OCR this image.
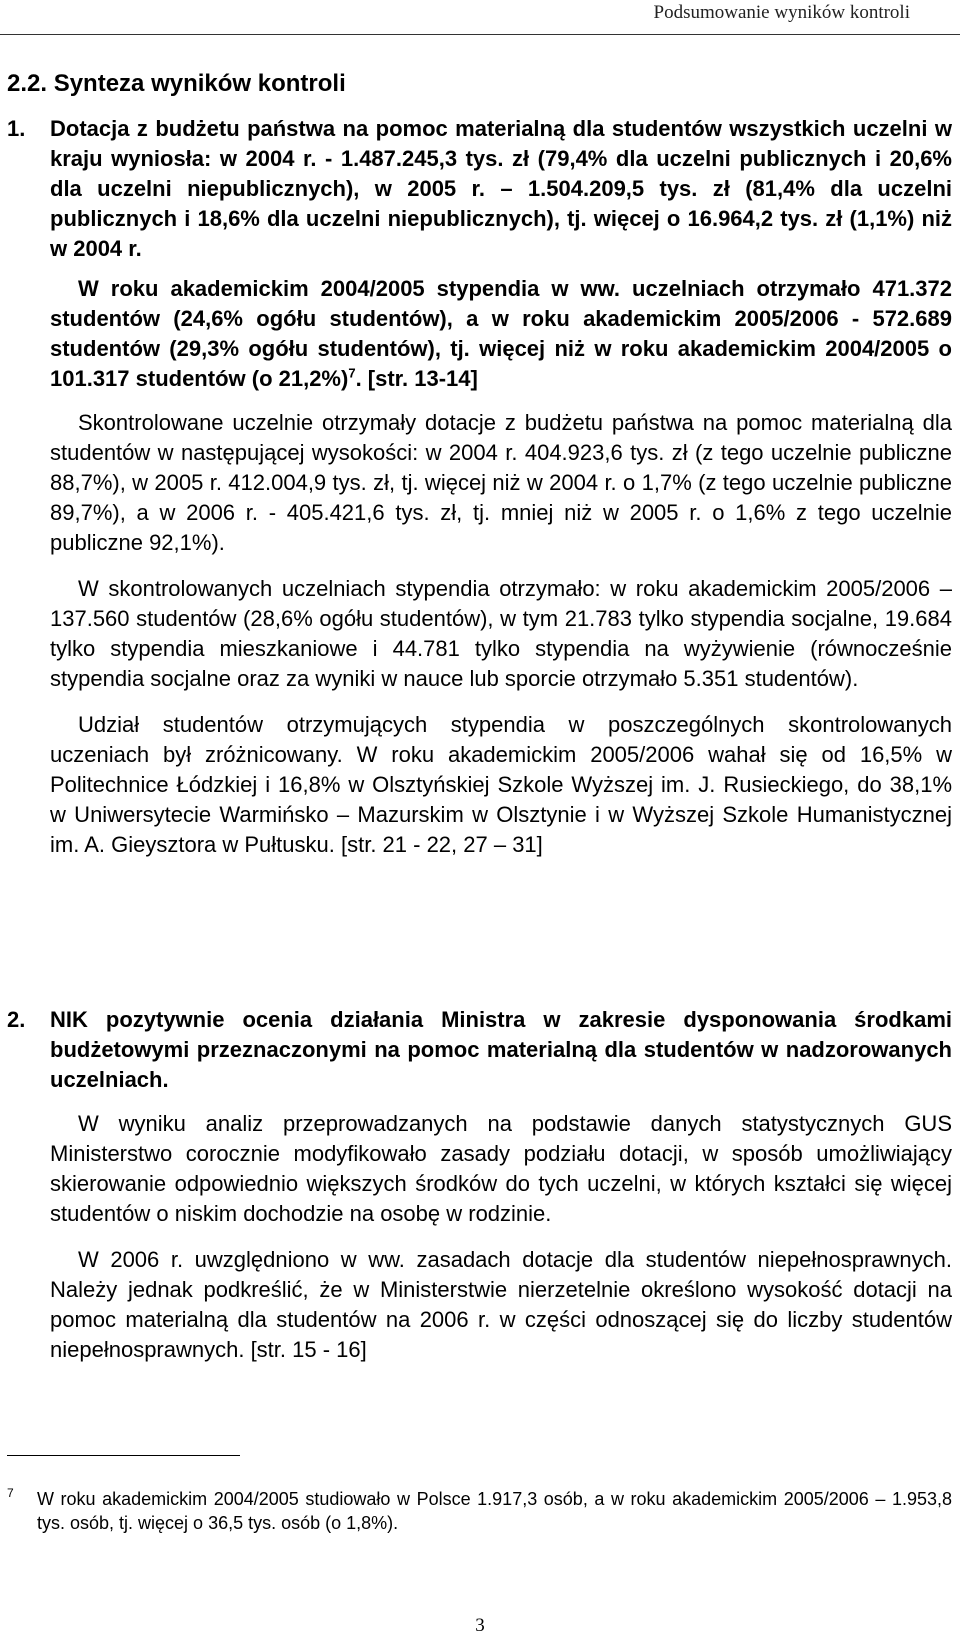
Podsumowanie wyników kontroli
2.2. Synteza wyników kontroli
1. Dotacja z budżetu państwa na pomoc materialną dla studentów wszystkich uczelni w kraju wyniosła: w 2004 r. - 1.487.245,3 tys. zł (79,4% dla uczelni publicznych i 20,6% dla uczelni niepublicznych), w 2005 r. – 1.504.209,5 tys. zł (81,4% dla uczelni publicznych i 18,6% dla uczelni niepublicznych), tj. więcej o 16.964,2 tys. zł (1,1%) niż w 2004 r.
W roku akademickim 2004/2005 stypendia w ww. uczelniach otrzymało 471.372 studentów (24,6% ogółu studentów), a w roku akademickim 2005/2006 - 572.689 studentów (29,3% ogółu studentów), tj. więcej niż w roku akademickim 2004/2005 o 101.317 studentów (o 21,2%)$^7$. [str. 13-14]
Skontrolowane uczelnie otrzymały dotacje z budżetu państwa na pomoc materialną dla studentów w następującej wysokości: w 2004 r. 404.923,6 tys. zł (z tego uczelnie publiczne 88,7%), w 2005 r. 412.004,9 tys. zł, tj. więcej niż w 2004 r. o 1,7% (z tego uczelnie publiczne 89,7%), a w 2006 r. - 405.421,6 tys. zł, tj. mniej niż w 2005 r. o 1,6% z tego uczelnie publiczne 92,1%).
W skontrolowanych uczelniach stypendia otrzymało: w roku akademickim 2005/2006 – 137.560 studentów (28,6% ogółu studentów), w tym 21.783 tylko stypendia socjalne, 19.684 tylko stypendia mieszkaniowe i 44.781 tylko stypendia na wyżywienie (równocześnie stypendia socjalne oraz za wyniki w nauce lub sporcie otrzymało 5.351 studentów).
Udział studentów otrzymujących stypendia w poszczególnych skontrolowanych uczeniach był zróżnicowany. W roku akademickim 2005/2006 wahał się od 16,5% w Politechnice Łódzkiej i 16,8% w Olsztyńskiej Szkole Wyższej im. J. Rusieckiego, do 38,1% w Uniwersytecie Warmińsko – Mazurskim w Olsztynie i w Wyższej Szkole Humanistycznej im. A. Gieysztora w Pułtusku. [str. 21 - 22, 27 – 31]
2. NIK pozytywnie ocenia działania Ministra w zakresie dysponowania środkami budżetowymi przeznaczonymi na pomoc materialną dla studentów w nadzorowanych uczelniach.
W wyniku analiz przeprowadzanych na podstawie danych statystycznych GUS Ministerstwo corocznie modyfikowało zasady podziału dotacji, w sposób umożliwiający skierowanie odpowiednio większych środków do tych uczelni, w których kształci się więcej studentów o niskim dochodzie na osobę w rodzinie.
W 2006 r. uwzględniono w ww. zasadach dotacje dla studentów niepełnosprawnych. Należy jednak podkreślić, że w Ministerstwie nierzetelnie określono wysokość dotacji na pomoc materialną dla studentów na 2006 r. w części odnoszącej się do liczby studentów niepełnosprawnych. [str. 15 - 16]
7 W roku akademickim 2004/2005 studiowało w Polsce 1.917,3 osób, a w roku akademickim 2005/2006 – 1.953,8 tys. osób, tj. więcej o 36,5 tys. osób (o 1,8%).
3
